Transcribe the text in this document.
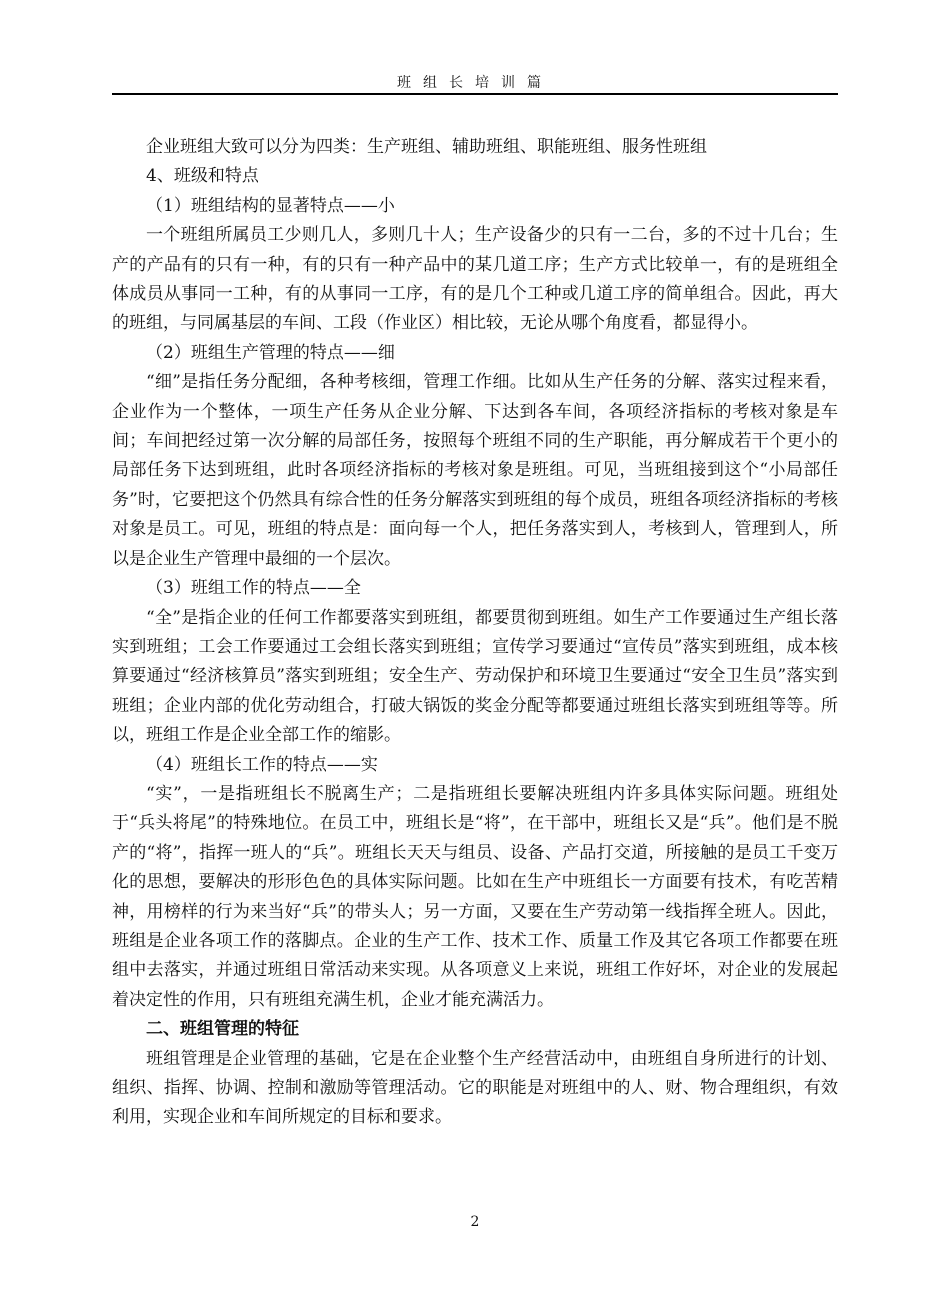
班组长培训篇

企业班组大致可以分为四类：生产班组、辅助班组、职能班组、服务性班组

4、班级和特点

（1）班组结构的显著特点——小

一个班组所属员工少则几人，多则几十人；生产设备少的只有一二台，多的不过十几台；生产的产品有的只有一种，有的只有一种产品中的某几道工序；生产方式比较单一，有的是班组全体成员从事同一工种，有的从事同一工序，有的是几个工种或几道工序的简单组合。因此，再大的班组，与同属基层的车间、工段（作业区）相比较，无论从哪个角度看，都显得小。

（2）班组生产管理的特点——细

“细”是指任务分配细，各种考核细，管理工作细。比如从生产任务的分解、落实过程来看，企业作为一个整体，一项生产任务从企业分解、下达到各车间，各项经济指标的考核对象是车间；车间把经过第一次分解的局部任务，按照每个班组不同的生产职能，再分解成若干个更小的局部任务下达到班组，此时各项经济指标的考核对象是班组。可见，当班组接到这个“小局部任务”时，它要把这个仍然具有综合性的任务分解落实到班组的每个成员，班组各项经济指标的考核对象是员工。可见，班组的特点是：面向每一个人，把任务落实到人，考核到人，管理到人，所以是企业生产管理中最细的一个层次。

（3）班组工作的特点——全

“全”是指企业的任何工作都要落实到班组，都要贯彻到班组。如生产工作要通过生产组长落实到班组；工会工作要通过工会组长落实到班组；宣传学习要通过“宣传员”落实到班组，成本核算要通过“经济核算员”落实到班组；安全生产、劳动保护和环境卫生要通过“安全卫生员”落实到班组；企业内部的优化劳动组合，打破大锅饭的奖金分配等都要通过班组长落实到班组等等。所以，班组工作是企业全部工作的缩影。

（4）班组长工作的特点——实

“实”，一是指班组长不脱离生产；二是指班组长要解决班组内许多具体实际问题。班组处于“兵头将尾”的特殊地位。在员工中，班组长是“将”，在干部中，班组长又是“兵”。他们是不脱产的“将”，指挥一班人的“兵”。班组长天天与组员、设备、产品打交道，所接触的是员工千变万化的思想，要解决的形形色色的具体实际问题。比如在生产中班组长一方面要有技术，有吃苦精神，用榜样的行为来当好“兵”的带头人；另一方面，又要在生产劳动第一线指挥全班人。因此，班组是企业各项工作的落脚点。企业的生产工作、技术工作、质量工作及其它各项工作都要在班组中去落实，并通过班组日常活动来实现。从各项意义上来说，班组工作好坏，对企业的发展起着决定性的作用，只有班组充满生机，企业才能充满活力。

二、班组管理的特征

班组管理是企业管理的基础，它是在企业整个生产经营活动中，由班组自身所进行的计划、组织、指挥、协调、控制和激励等管理活动。它的职能是对班组中的人、财、物合理组织，有效利用，实现企业和车间所规定的目标和要求。

2
